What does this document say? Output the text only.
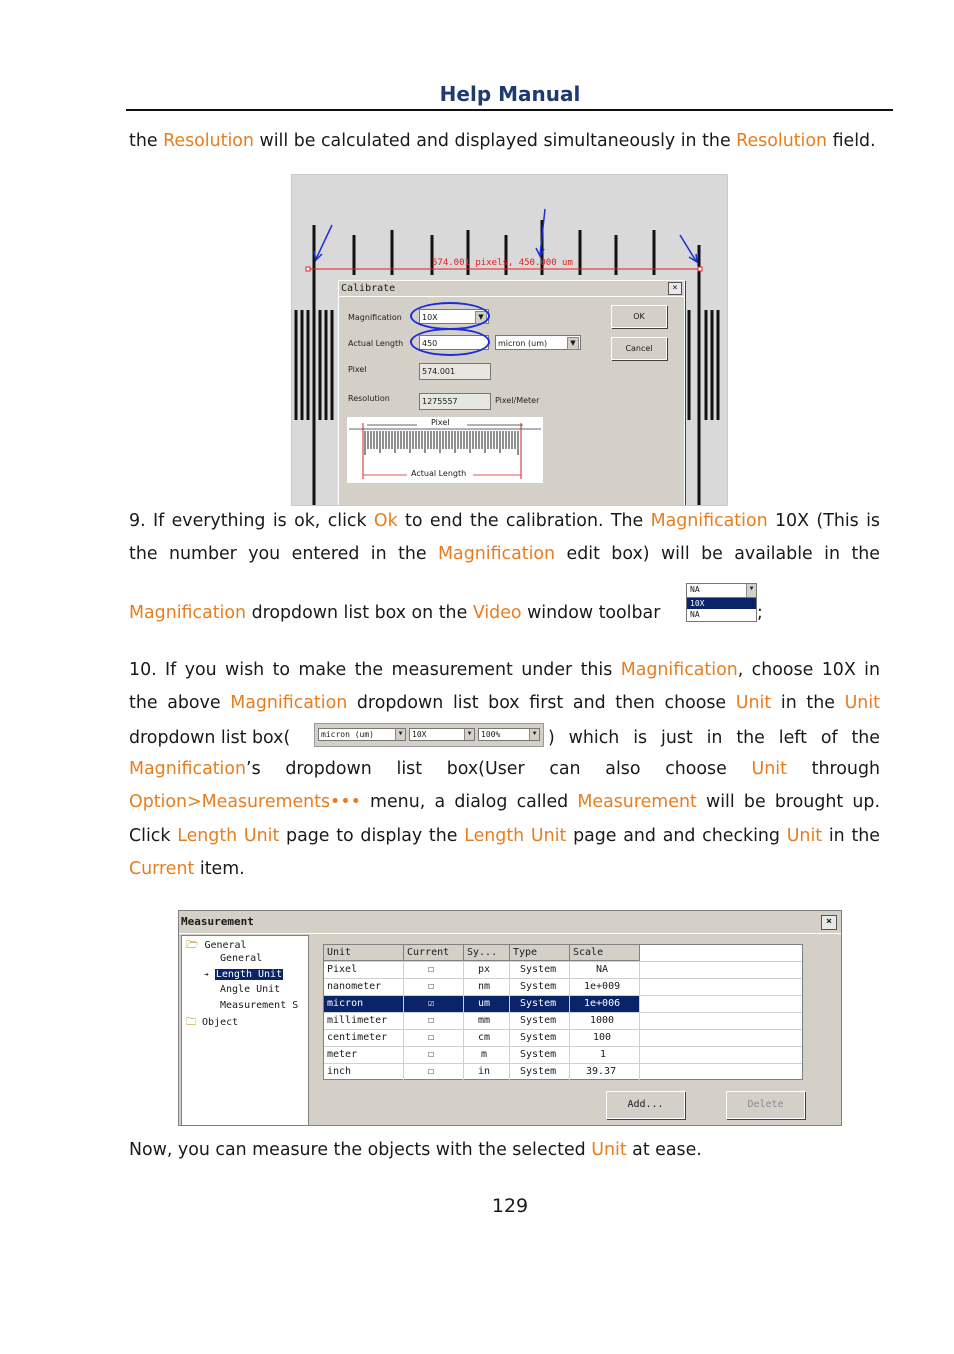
Help Manual
the Resolution will be calculated and displayed simultaneously in the Resolution field.
574.001 pixels, 450.000 um
Calibrate	×
Magnification	10X	▼
Actual Length	450	micron (um)	▼
Pixel	574.001
Resolution	1275557	Pixel/Meter
OK
Cancel
Pixel
Actual Length
9. If everything is ok, click Ok to end the calibration. The Magnification 10X (This is
the number you entered in the Magnification edit box) will be available in the
Magnification dropdown list box on the Video window toolbar	;
NA	▼
10X
NA
10. If you wish to make the measurement under this Magnification, choose 10X in
the above Magnification dropdown list box first and then choose Unit in the Unit
dropdown list box(	) which is just in the left of the
micron (um)	▼	10X	▼	100%	▼
Magnification’s dropdown list box(User can also choose Unit through
Option>Measurements••• menu, a dialog called Measurement will be brought up.
Click Length Unit page to display the Length Unit page and and checking Unit in the
Current item.
Measurement	×
🗁 General
General
➔ Length Unit
Angle Unit
Measurement S
🗀 Object
Unit	Current	Sy...	Type	Scale
Pixel	☐	px	System	NA
nanometer	☐	nm	System	1e+009
micron	☑	um	System	1e+006
millimeter	☐	mm	System	1000
centimeter	☐	cm	System	100
meter	☐	m	System	1
inch	☐	in	System	39.37
Add...	Delete
Now, you can measure the objects with the selected Unit at ease.
129
